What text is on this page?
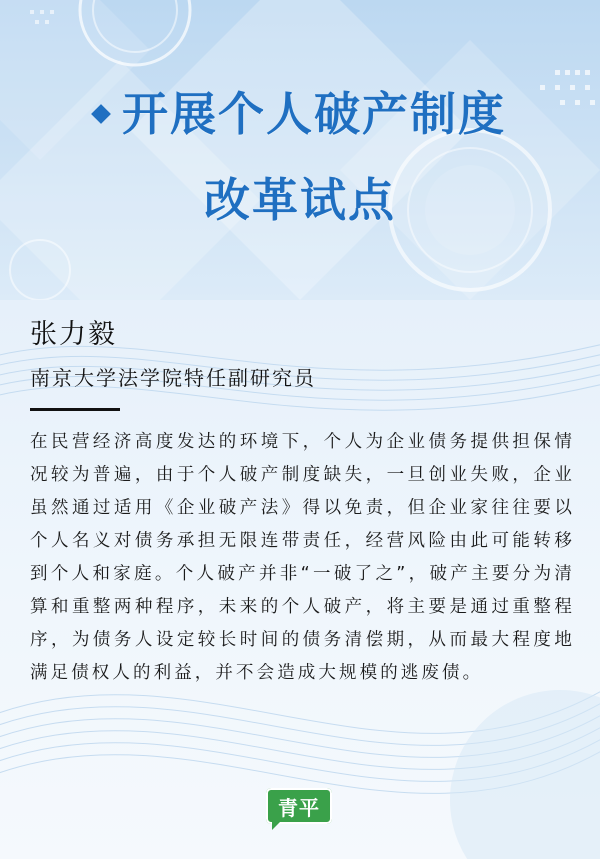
开展个人破产制度
改革试点
张力毅
南京大学法学院特任副研究员
在民营经济高度发达的环境下，个人为企业债务提供担保情况较为普遍，由于个人破产制度缺失，一旦创业失败，企业虽然通过适用《企业破产法》得以免责，但企业家往往要以个人名义对债务承担无限连带责任，经营风险由此可能转移到个人和家庭。个人破产并非“一破了之”，破产主要分为清算和重整两种程序，未来的个人破产，将主要是通过重整程序，为债务人设定较长时间的债务清偿期，从而最大程度地满足债权人的利益，并不会造成大规模的逃废债。
青平
